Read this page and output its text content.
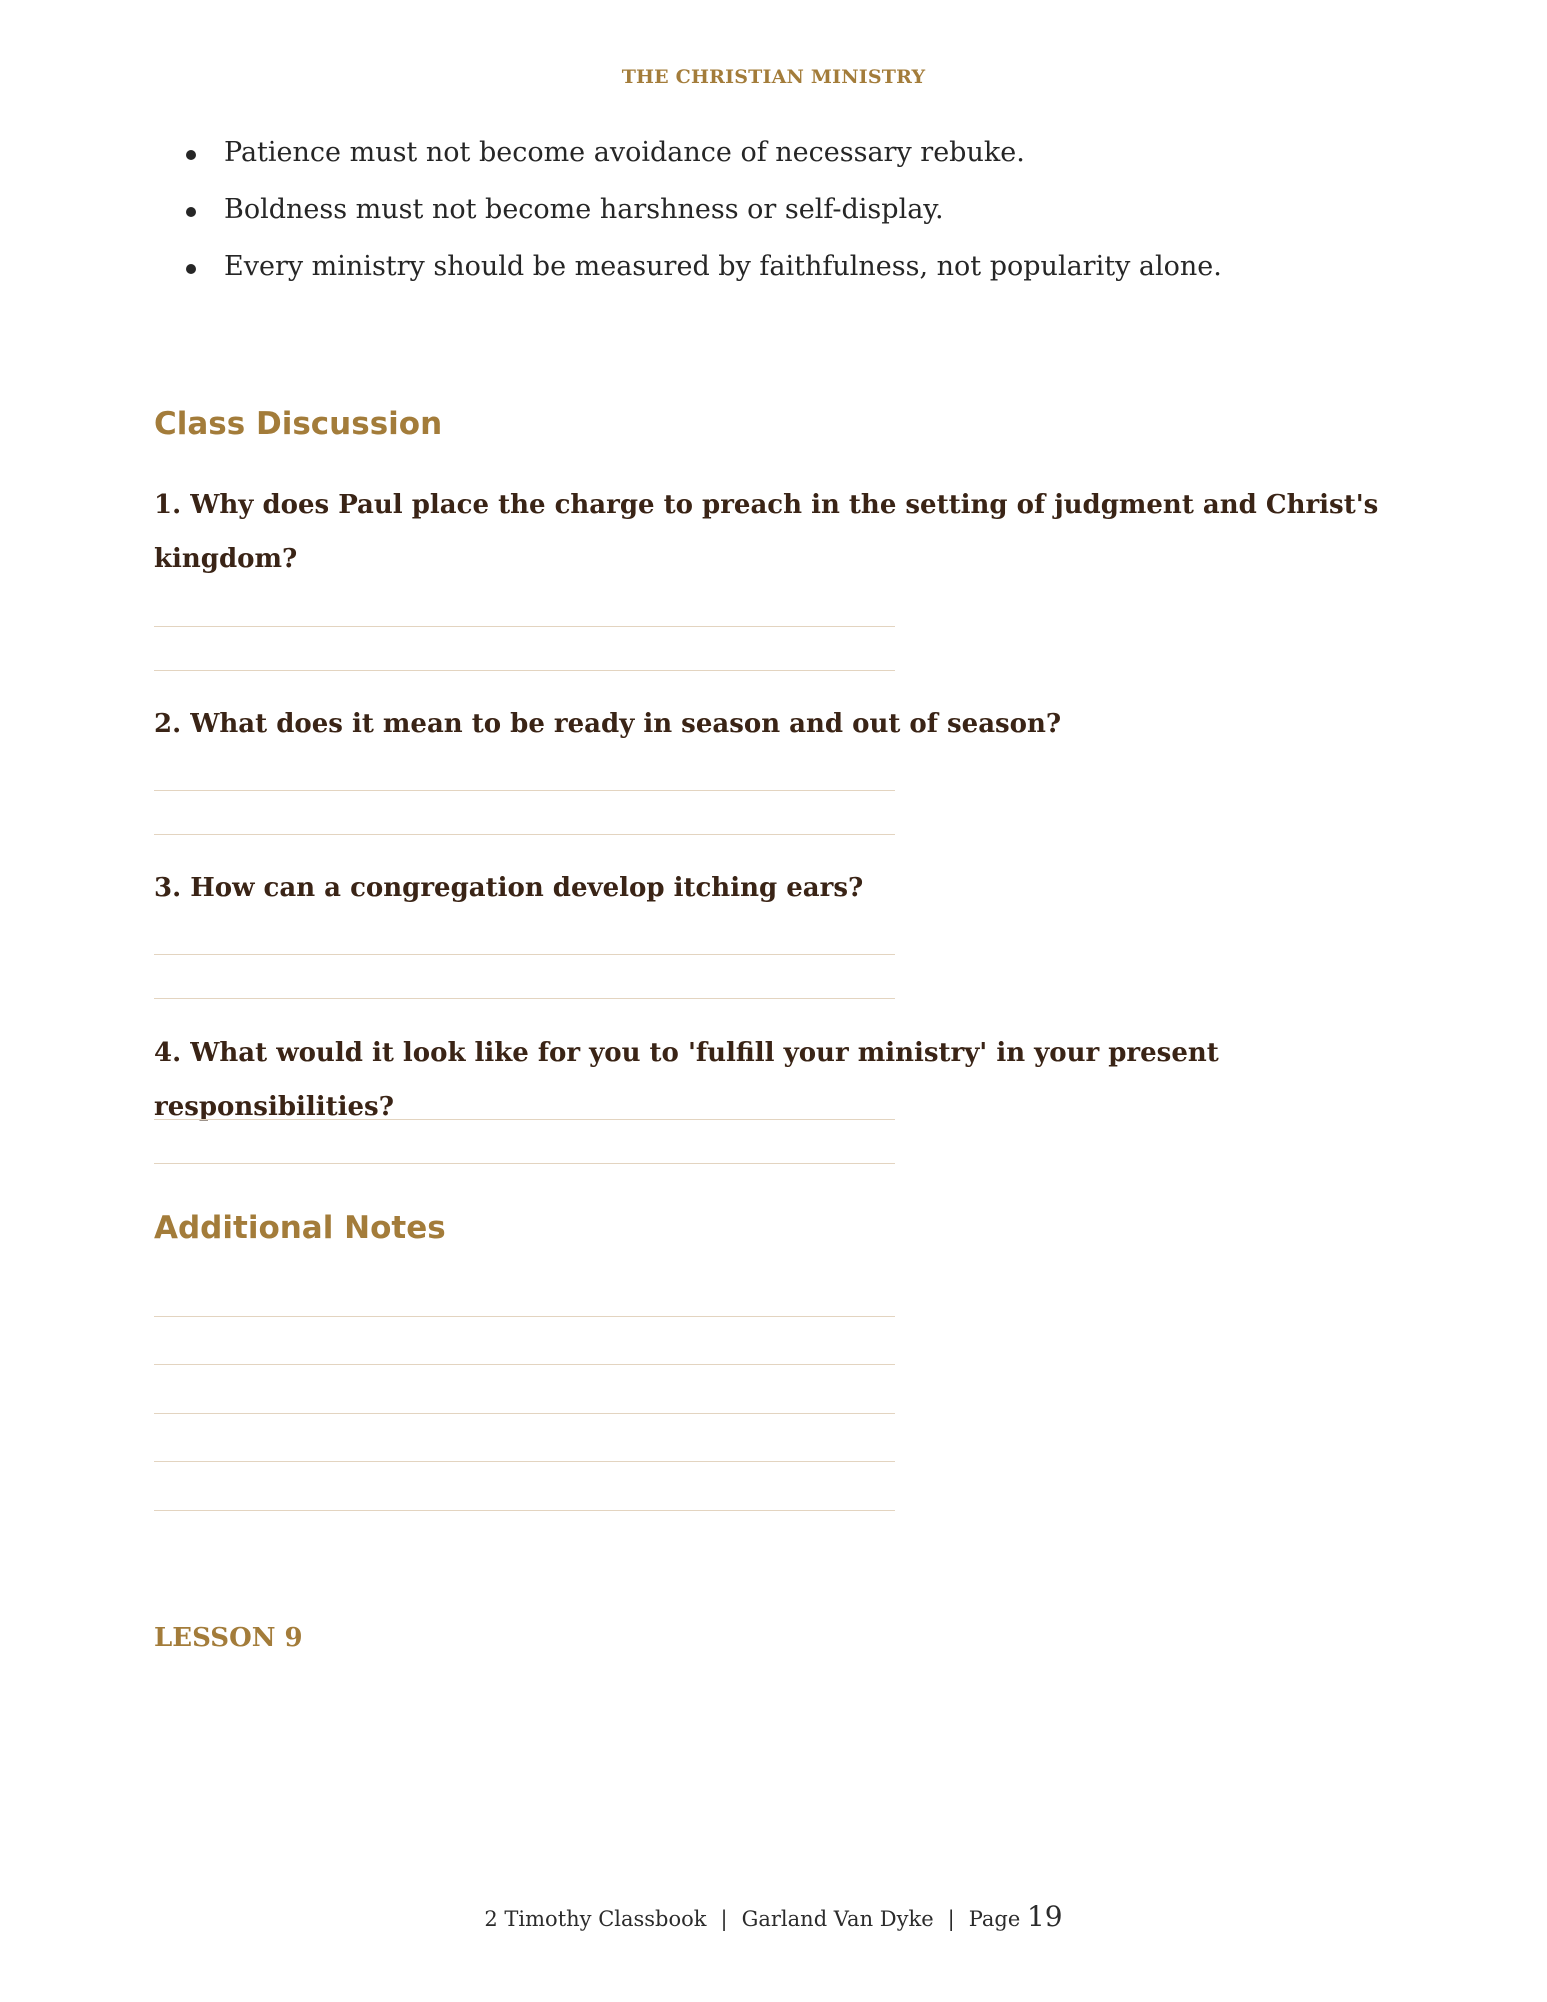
THE CHRISTIAN MINISTRY
Patience must not become avoidance of necessary rebuke.
Boldness must not become harshness or self-display.
Every ministry should be measured by faithfulness, not popularity alone.
Class Discussion
1. Why does Paul place the charge to preach in the setting of judgment and Christ's kingdom?
2. What does it mean to be ready in season and out of season?
3. How can a congregation develop itching ears?
4. What would it look like for you to 'fulfill your ministry' in your present responsibilities?
Additional Notes
LESSON 9
2 Timothy Classbook | Garland Van Dyke | Page 19
